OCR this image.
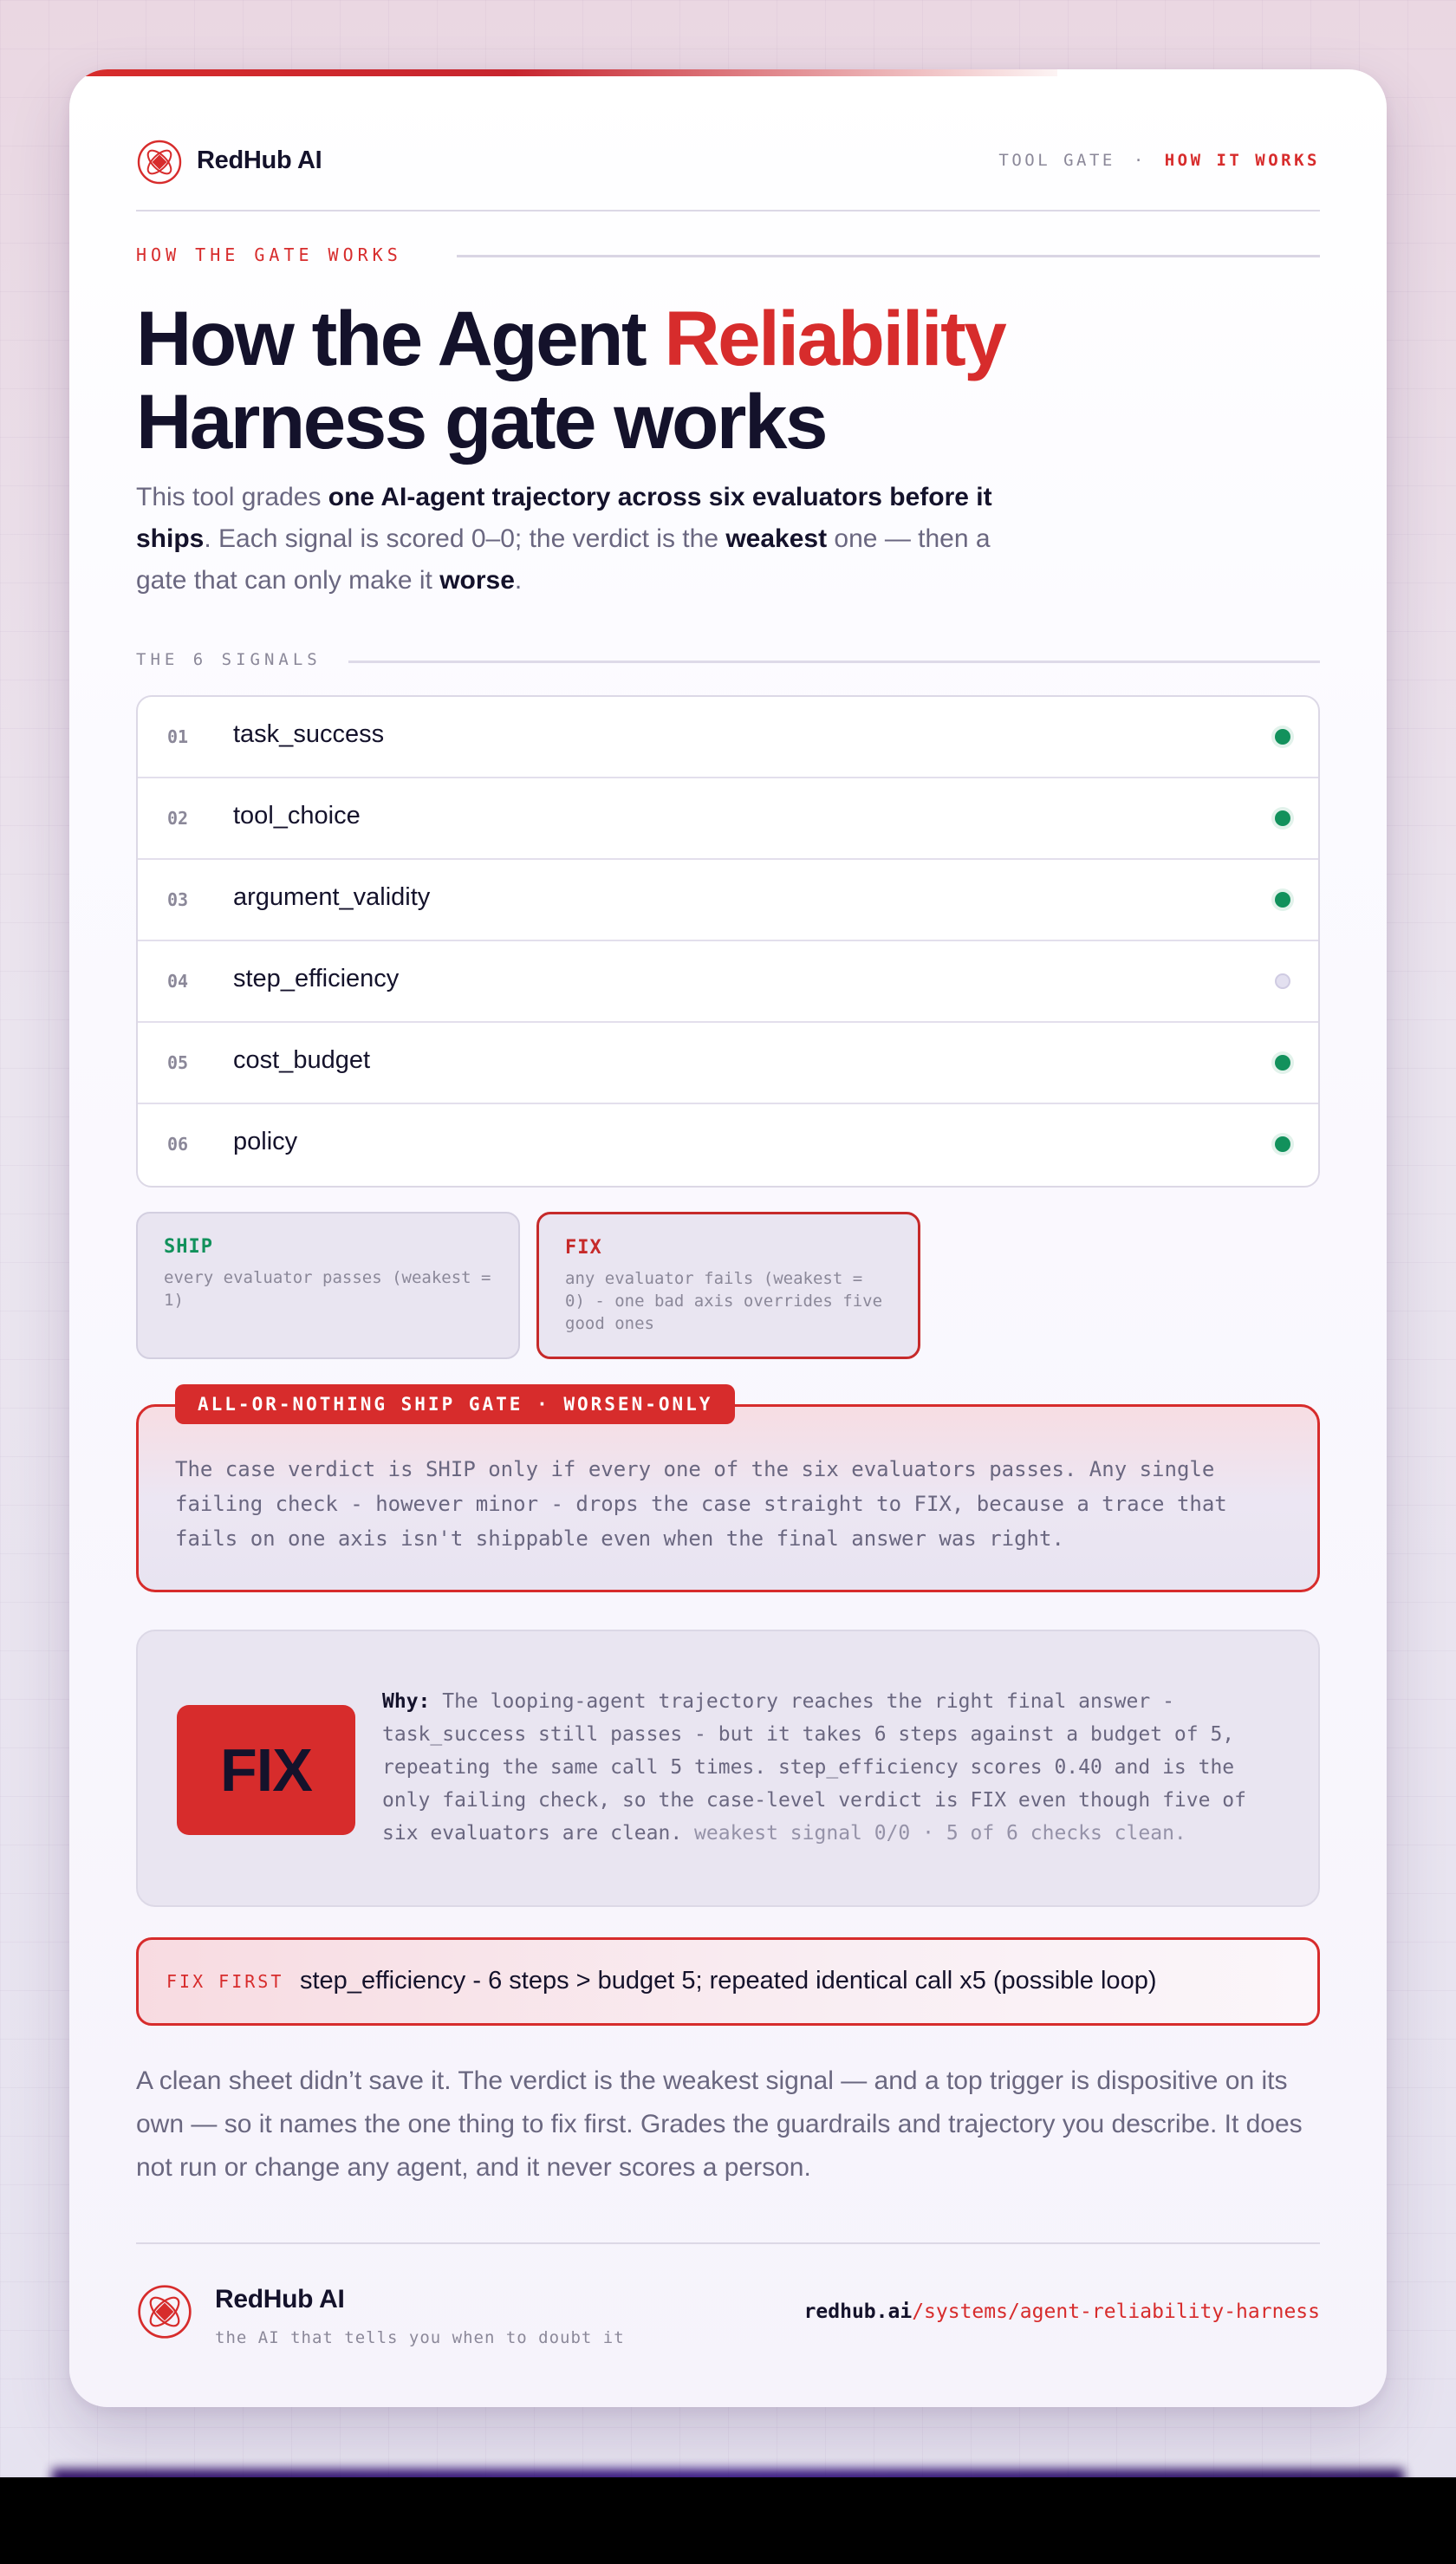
RedHub AI	TOOL GATE · HOW IT WORKS
HOW THE GATE WORKS
How the Agent Reliability
Harness gate works

This tool grades one AI-agent trajectory across six evaluators before it ships. Each signal is scored 0–0; the verdict is the weakest one — then a gate that can only make it worse.

THE 6 SIGNALS
01 task_success
02 tool_choice
03 argument_validity
04 step_efficiency
05 cost_budget
06 policy
SHIP
every evaluator passes (weakest = 1)
FIX
any evaluator fails (weakest = 0) - one bad axis overrides five good ones
ALL-OR-NOTHING SHIP GATE · WORSEN-ONLY

The case verdict is SHIP only if every one of the six evaluators passes. Any single failing check - however minor - drops the case straight to FIX, because a trace that fails on one axis isn't shippable even when the final answer was right.

FIX

Why: The looping-agent trajectory reaches the right final answer - task_success still passes - but it takes 6 steps against a budget of 5, repeating the same call 5 times. step_efficiency scores 0.40 and is the only failing check, so the case-level verdict is FIX even though five of six evaluators are clean. weakest signal 0/0 · 5 of 6 checks clean.

FIX FIRST step_efficiency - 6 steps > budget 5; repeated identical call x5 (possible loop)

A clean sheet didn’t save it. The verdict is the weakest signal — and a top trigger is dispositive on its own — so it names the one thing to fix first. Grades the guardrails and trajectory you describe. It does not run or change any agent, and it never scores a person.

RedHub AI
the AI that tells you when to doubt it
redhub.ai/systems/agent-reliability-harness
